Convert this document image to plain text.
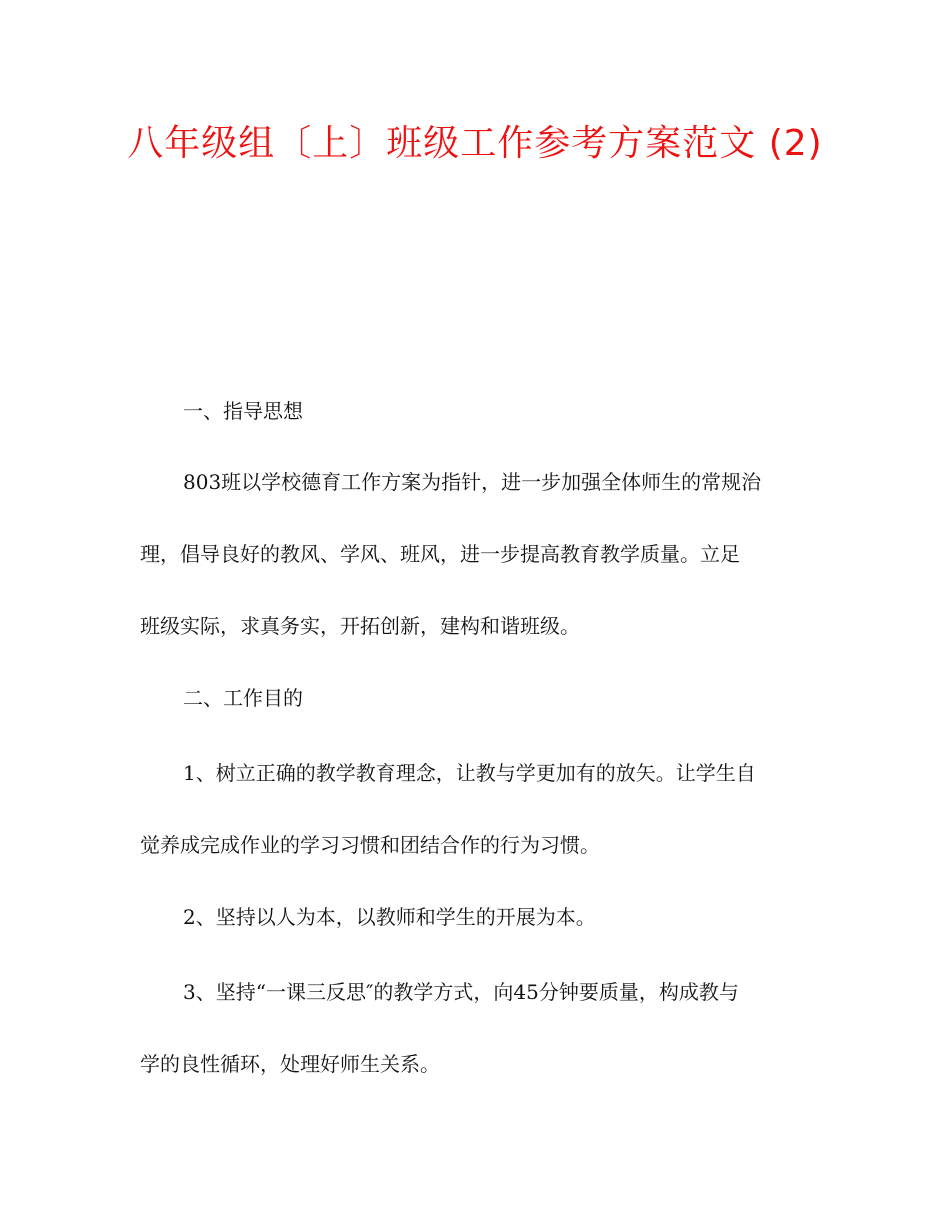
八年级组〔上〕班级工作参考方案范文 (2)

一、指导思想

803班以学校德育工作方案为指针，进一步加强全体师生的常规治

理，倡导良好的教风、学风、班风，进一步提高教育教学质量。立足

班级实际，求真务实，开拓创新，建构和谐班级。

二、工作目的

1、树立正确的教学教育理念，让教与学更加有的放矢。让学生自

觉养成完成作业的学习习惯和团结合作的行为习惯。

2、坚持以人为本，以教师和学生的开展为本。

3、坚持“一课三反思″的教学方式，向45分钟要质量，构成教与

学的良性循环，处理好师生关系。
